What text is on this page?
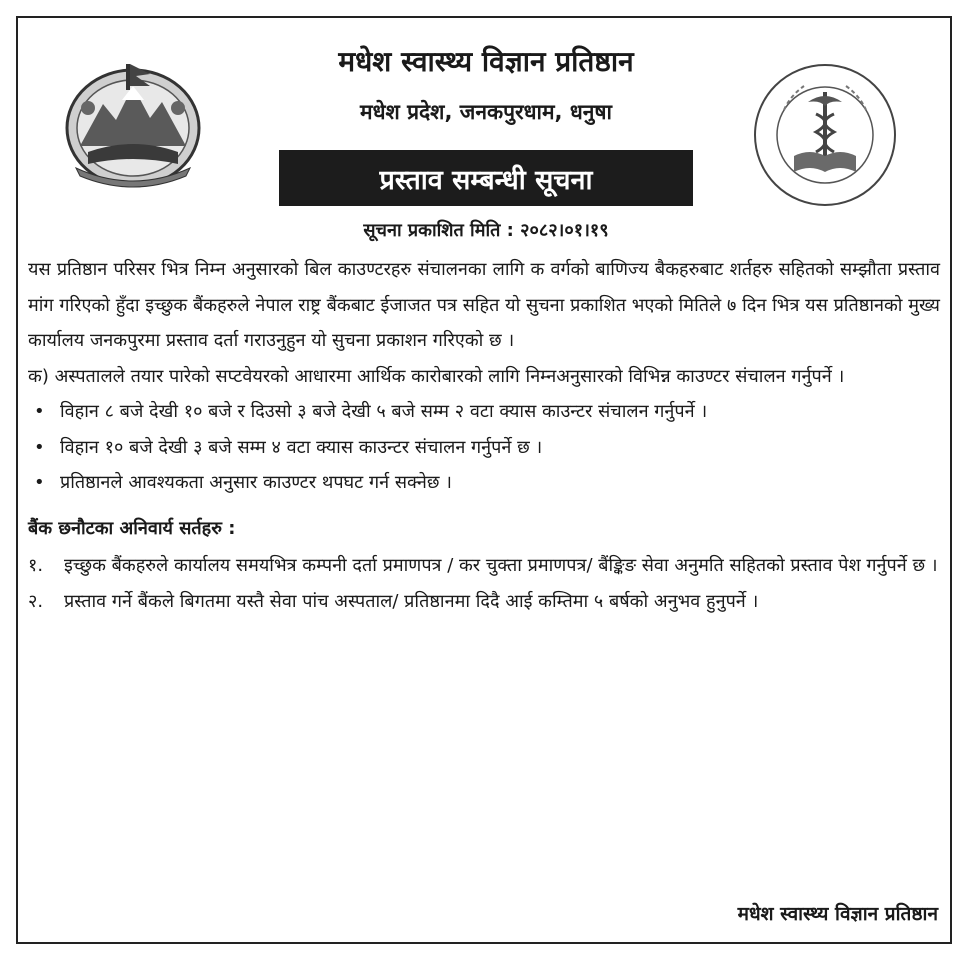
मधेश स्वास्थ्य विज्ञान प्रतिष्ठान
मधेश प्रदेश, जनकपुरधाम, धनुषा
प्रस्ताव सम्बन्धी सूचना
सूचना प्रकाशित मिति : २०८२।०१।१९

यस प्रतिष्ठान परिसर भित्र निम्न अनुसारको बिल काउण्टरहरु संचालनका लागि क वर्गको बाणिज्य बैकहरुबाट शर्तहरु सहितको सम्झौता प्रस्ताव मांग गरिएको हुँदा इच्छुक बैंकहरुले नेपाल राष्ट्र बैंकबाट ईजाजत पत्र सहित यो सुचना प्रकाशित भएको मितिले ७ दिन भित्र यस प्रतिष्ठानको मुख्य कार्यालय जनकपुरमा प्रस्ताव दर्ता गराउनुहुन यो सुचना प्रकाशन गरिएको छ ।

क) अस्पतालले तयार पारेको सप्टवेयरको आधारमा आर्थिक कारोबारको लागि निम्नअनुसारको विभिन्न काउण्टर संचालन गर्नुपर्ने ।

• विहान ८ बजे देखी १० बजे र दिउसो ३ बजे देखी ५ बजे सम्म २ वटा क्यास काउन्टर संचालन गर्नुपर्ने ।
• विहान १० बजे देखी ३ बजे सम्म ४ वटा क्यास काउन्टर संचालन गर्नुपर्ने छ ।
• प्रतिष्ठानले आवश्यकता अनुसार काउण्टर थपघट गर्न सक्नेछ ।

बैंक छनौटका अनिवार्य सर्तहरु :

१. इच्छुक बैंकहरुले कार्यालय समयभित्र कम्पनी दर्ता प्रमाणपत्र / कर चुक्ता प्रमाणपत्र/ बैंङ्किङ सेवा अनुमति सहितको प्रस्ताव पेश गर्नुपर्ने छ ।
२. प्रस्ताव गर्ने बैंकले बिगतमा यस्तै सेवा पांच अस्पताल/ प्रतिष्ठानमा दिदै आई कम्तिमा ५ बर्षको अनुभव हुनुपर्ने ।
मधेश स्वास्थ्य विज्ञान प्रतिष्ठान
